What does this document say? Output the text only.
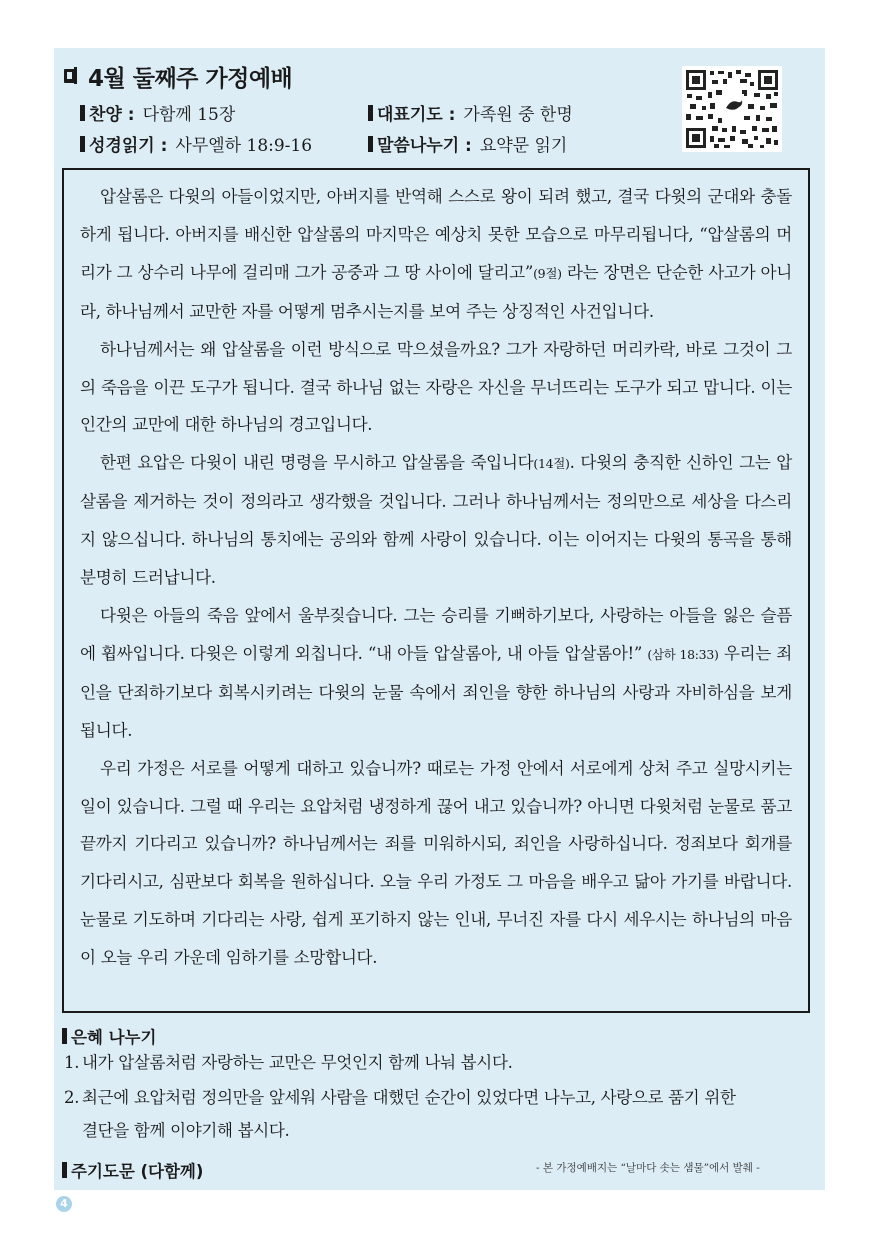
4월 둘째주 가정예배
찬양 : 다함께 15장	대표기도 : 가족원 중 한명
성경읽기 : 사무엘하 18:9-16	말씀나누기 : 요약문 읽기

압살롬은 다윗의 아들이었지만, 아버지를 반역해 스스로 왕이 되려 했고, 결국 다윗의 군대와 충돌하게 됩니다. 아버지를 배신한 압살롬의 마지막은 예상치 못한 모습으로 마무리됩니다, “압살롬의 머리가 그 상수리 나무에 걸리매 그가 공중과 그 땅 사이에 달리고”(9절) 라는 장면은 단순한 사고가 아니라, 하나님께서 교만한 자를 어떻게 멈추시는지를 보여 주는 상징적인 사건입니다.

하나님께서는 왜 압살롬을 이런 방식으로 막으셨을까요? 그가 자랑하던 머리카락, 바로 그것이 그의 죽음을 이끈 도구가 됩니다. 결국 하나님 없는 자랑은 자신을 무너뜨리는 도구가 되고 맙니다. 이는 인간의 교만에 대한 하나님의 경고입니다.

한편 요압은 다윗이 내린 명령을 무시하고 압살롬을 죽입니다(14절). 다윗의 충직한 신하인 그는 압살롬을 제거하는 것이 정의라고 생각했을 것입니다. 그러나 하나님께서는 정의만으로 세상을 다스리지 않으십니다. 하나님의 통치에는 공의와 함께 사랑이 있습니다. 이는 이어지는 다윗의 통곡을 통해 분명히 드러납니다.

다윗은 아들의 죽음 앞에서 울부짖습니다. 그는 승리를 기뻐하기보다, 사랑하는 아들을 잃은 슬픔에 휩싸입니다. 다윗은 이렇게 외칩니다. “내 아들 압살롬아, 내 아들 압살롬아!” (삼하 18:33) 우리는 죄인을 단죄하기보다 회복시키려는 다윗의 눈물 속에서 죄인을 향한 하나님의 사랑과 자비하심을 보게 됩니다.

우리 가정은 서로를 어떻게 대하고 있습니까? 때로는 가정 안에서 서로에게 상처 주고 실망시키는 일이 있습니다. 그럴 때 우리는 요압처럼 냉정하게 끊어 내고 있습니까? 아니면 다윗처럼 눈물로 품고 끝까지 기다리고 있습니까? 하나님께서는 죄를 미워하시되, 죄인을 사랑하십니다. 정죄보다 회개를 기다리시고, 심판보다 회복을 원하십니다. 오늘 우리 가정도 그 마음을 배우고 닮아 가기를 바랍니다. 눈물로 기도하며 기다리는 사랑, 쉽게 포기하지 않는 인내, 무너진 자를 다시 세우시는 하나님의 마음이 오늘 우리 가운데 임하기를 소망합니다.

은혜 나누기
1. 내가 압살롬처럼 자랑하는 교만은 무엇인지 함께 나눠 봅시다.
2. 최근에 요압처럼 정의만을 앞세워 사람을 대했던 순간이 있었다면 나누고, 사랑으로 품기 위한
결단을 함께 이야기해 봅시다.
주기도문 (다함께)	- 본 가정예배지는 “날마다 솟는 샘물”에서 발췌 -
4
